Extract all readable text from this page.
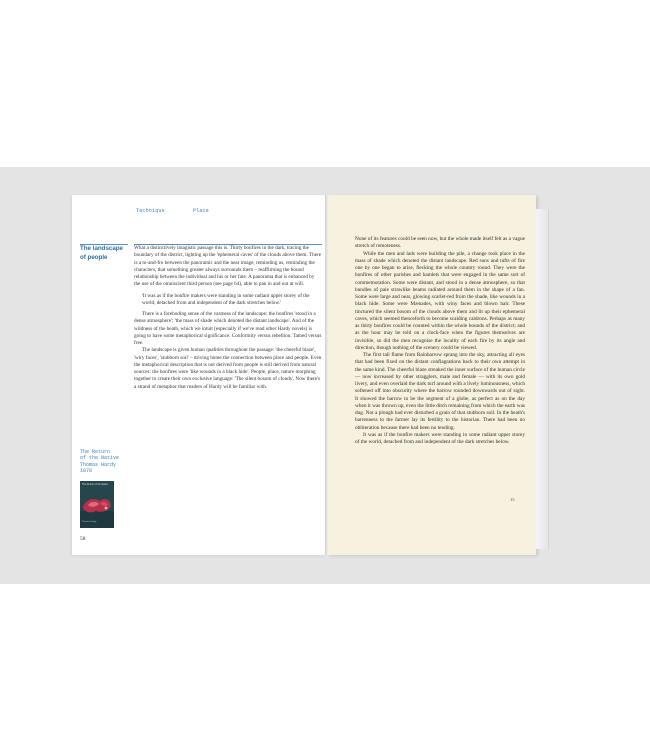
Technique	Place
The landscape of people

What a distinctively imagistic passage this is. Thirty bonfires in the dark, tracing the boundary of the district, lighting up the 'ephemeral caves' of the clouds above them. There is a to-and-fro between the panoramic and the near image, reminding us, reminding the characters, that something greater always surrounds them – reaffirming the bound relationship between the individual and his or her fate. A panorama that is enhanced by the use of the omniscient third person (see page 64), able to pan in and out at will.

'It was as if the bonfire makers were standing in some radiant upper storey of the world, detached from and independent of the dark stretches below.'

There is a foreboding sense of the vastness of the landscape: the bonfires 'stood in a dense atmosphere'; 'the mass of shade which denoted the distant landscape'. And of the wildness of the heath, which we intuit (especially if we've read other Hardy novels) is going to have some metaphorical significance. Conformity versus rebellion. Tamed versus free.

The landscape is given human qualities throughout the passage: 'the cheerful blaze', 'wiry faces', 'stubborn soil' – driving home the connection between place and people. Even the metaphorical description that is not derived from people is still derived from natural sources: the bonfires were 'like wounds in a black hide'. People, place, nature morphing together to create their own exclusive language: 'The silent bosom of clouds'. Now there's a strand of metaphor that readers of Hardy will be familiar with.

The Return
of the Native
Thomas Hardy
1878
The Return of the Native
Thomas Hardy
58

None of its features could be seen now, but the whole made itself felt as a vague stretch of remoteness.

While the men and lads were building the pile, a change took place in the mass of shade which denoted the distant landscape. Red suns and tufts of fire one by one began to arise, flecking the whole country round. They were the bonfires of other parishes and hamlets that were engaged in the same sort of commemoration. Some were distant, and stood in a dense atmosphere, so that bundles of pale strawlike beams radiated around them in the shape of a fan. Some were large and near, glowing scarlet-red from the shade, like wounds in a black hide. Some were Mænades, with winy faces and blown hair. These tinctured the silent bosom of the clouds above them and lit up their ephemeral caves, which seemed thenceforth to become scalding caldrons. Perhaps as many as thirty bonfires could be counted within the whole bounds of the district; and as the hour may be told on a clock-face when the figures themselves are invisible, so did the men recognise the locality of each fire by its angle and direction, though nothing of the scenery could be viewed.

The first tall flame from Rainbarrow sprang into the sky, attracting all eyes that had been fixed on the distant conflagrations back to their own attempt in the same kind. The cheerful blaze streaked the inner surface of the human circle — now increased by other stragglers, male and female — with its own gold livery, and even overlaid the dark turf around with a lively luminousness, which softened off into obscurity where the barrow rounded downwards out of sight. It showed the barrow to be the segment of a globe, as perfect as on the day when it was thrown up, even the little ditch remaining from which the earth was dug. Not a plough had ever disturbed a grain of that stubborn soil. In the heath's barrenness to the farmer lay its fertility to the historian. There had been no obliteration because there had been no tending.

It was as if the bonfire makers were standing in some radiant upper storey of the world, detached from and independent of the dark stretches below.

15
